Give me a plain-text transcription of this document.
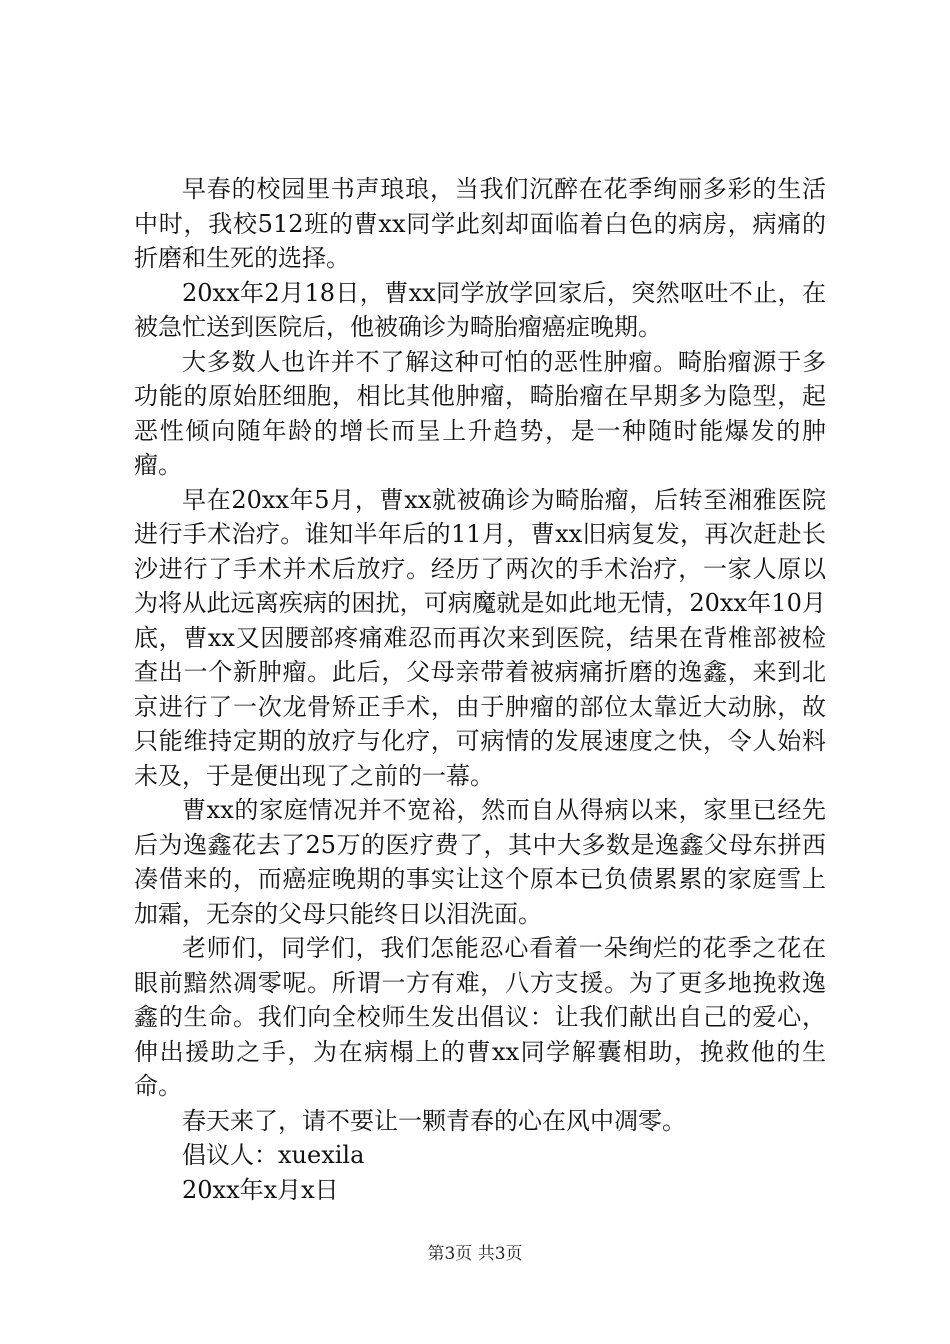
早春的校园里书声琅琅，当我们沉醉在花季绚丽多彩的生活中时，我校512班的曹xx同学此刻却面临着白色的病房，病痛的折磨和生死的选择。

20xx年2月18日，曹xx同学放学回家后，突然呕吐不止，在被急忙送到医院后，他被确诊为畸胎瘤癌症晚期。

大多数人也许并不了解这种可怕的恶性肿瘤。畸胎瘤源于多功能的原始胚细胞，相比其他肿瘤，畸胎瘤在早期多为隐型，起恶性倾向随年龄的增长而呈上升趋势，是一种随时能爆发的肿瘤。

早在20xx年5月，曹xx就被确诊为畸胎瘤，后转至湘雅医院进行手术治疗。谁知半年后的11月，曹xx旧病复发，再次赶赴长沙进行了手术并术后放疗。经历了两次的手术治疗，一家人原以为将从此远离疾病的困扰，可病魔就是如此地无情，20xx年10月底，曹xx又因腰部疼痛难忍而再次来到医院，结果在背椎部被检查出一个新肿瘤。此后，父母亲带着被病痛折磨的逸鑫，来到北京进行了一次龙骨矫正手术，由于肿瘤的部位太靠近大动脉，故只能维持定期的放疗与化疗，可病情的发展速度之快，令人始料未及，于是便出现了之前的一幕。

曹xx的家庭情况并不宽裕，然而自从得病以来，家里已经先后为逸鑫花去了25万的医疗费了，其中大多数是逸鑫父母东拼西凑借来的，而癌症晚期的事实让这个原本已负债累累的家庭雪上加霜，无奈的父母只能终日以泪洗面。

老师们，同学们，我们怎能忍心看着一朵绚烂的花季之花在眼前黯然凋零呢。所谓一方有难，八方支援。为了更多地挽救逸鑫的生命。我们向全校师生发出倡议：让我们献出自己的爱心，伸出援助之手，为在病榻上的曹xx同学解囊相助，挽救他的生命。

春天来了，请不要让一颗青春的心在风中凋零。

倡议人：xuexila

20xx年x月x日

第3页 共3页
